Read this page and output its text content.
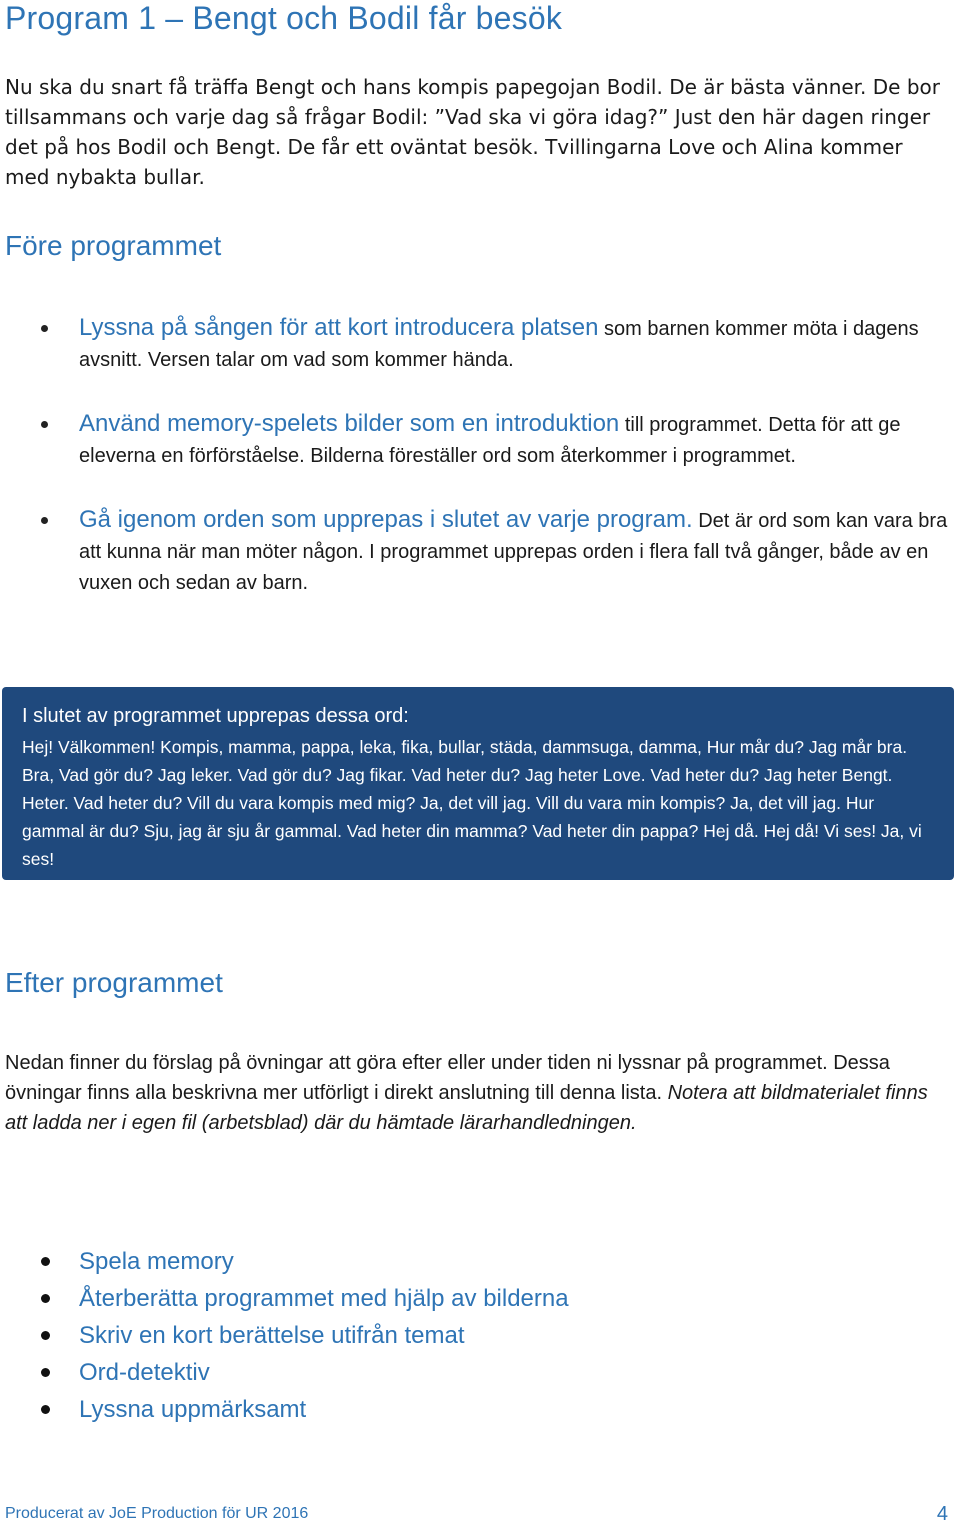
Program 1 – Bengt och Bodil får besök

Nu ska du snart få träffa Bengt och hans kompis papegojan Bodil. De är bästa vänner. De bor tillsammans och varje dag så frågar Bodil: ”Vad ska vi göra idag?” Just den här dagen ringer det på hos Bodil och Bengt. De får ett oväntat besök. Tvillingarna Love och Alina kommer med nybakta bullar.

Före programmet
Lyssna på sången för att kort introducera platsen som barnen kommer möta i dagens avsnitt. Versen talar om vad som kommer hända.
Använd memory-spelets bilder som en introduktion till programmet. Detta för att ge eleverna en förförståelse. Bilderna föreställer ord som återkommer i programmet.
Gå igenom orden som upprepas i slutet av varje program. Det är ord som kan vara bra att kunna när man möter någon. I programmet upprepas orden i flera fall två gånger, både av en vuxen och sedan av barn.
I slutet av programmet upprepas dessa ord:
Hej! Välkommen! Kompis, mamma, pappa, leka, fika, bullar, städa, dammsuga, damma, Hur mår du? Jag mår bra. Bra, Vad gör du? Jag leker. Vad gör du? Jag fikar. Vad heter du? Jag heter Love. Vad heter du? Jag heter Bengt. Heter. Vad heter du? Vill du vara kompis med mig? Ja, det vill jag. Vill du vara min kompis? Ja, det vill jag. Hur gammal är du? Sju, jag är sju år gammal. Vad heter din mamma? Vad heter din pappa? Hej då. Hej då! Vi ses! Ja, vi ses!
Efter programmet

Nedan finner du förslag på övningar att göra efter eller under tiden ni lyssnar på programmet. Dessa övningar finns alla beskrivna mer utförligt i direkt anslutning till denna lista. Notera att bildmaterialet finns att ladda ner i egen fil (arbetsblad) där du hämtade lärarhandledningen.

Spela memory
Återberätta programmet med hjälp av bilderna
Skriv en kort berättelse utifrån temat
Ord-detektiv
Lyssna uppmärksamt
Producerat av JoE Production för UR 2016	4
